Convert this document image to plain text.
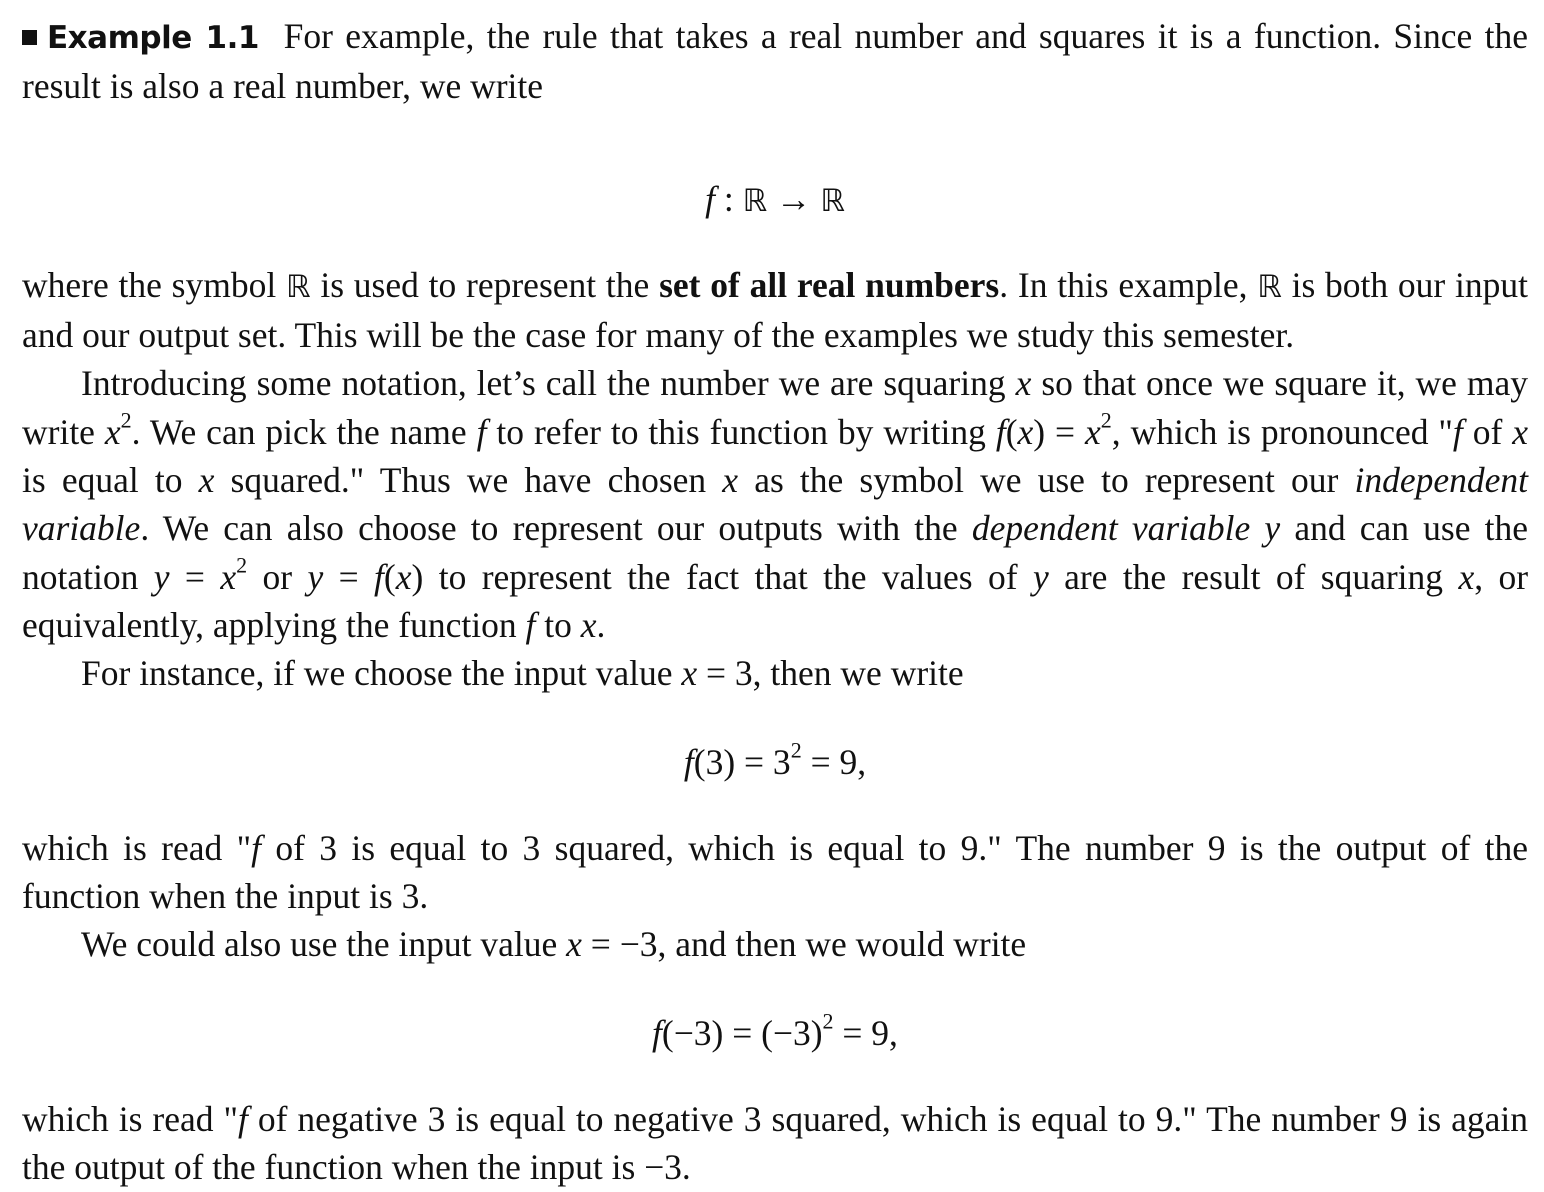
Example 1.1 For example, the rule that takes a real number and squares it is a function. Since the result is also a real number, we write

f : ℝ → ℝ

where the symbol ℝ is used to represent the set of all real numbers. In this example, ℝ is both our input and our output set. This will be the case for many of the examples we study this semester.

Introducing some notation, let’s call the number we are squaring x so that once we square it, we may write $x^2$. We can pick the name f to refer to this function by writing $f(x) = x^2$, which is pronounced "f of x is equal to x squared." Thus we have chosen x as the symbol we use to represent our independent variable. We can also choose to represent our outputs with the dependent variable y and can use the notation $y = x^2$ or y = f(x) to represent the fact that the values of y are the result of squaring x, or equivalently, applying the function f to x.

For instance, if we choose the input value x = 3, then we write

$f(3) = 3^2 = 9$,

which is read "f of 3 is equal to 3 squared, which is equal to 9." The number 9 is the output of the function when the input is 3.

We could also use the input value x = −3, and then we would write

$f(-3) = (-3)^2 = 9$,

which is read "f of negative 3 is equal to negative 3 squared, which is equal to 9." The number 9 is again the output of the function when the input is −3.
